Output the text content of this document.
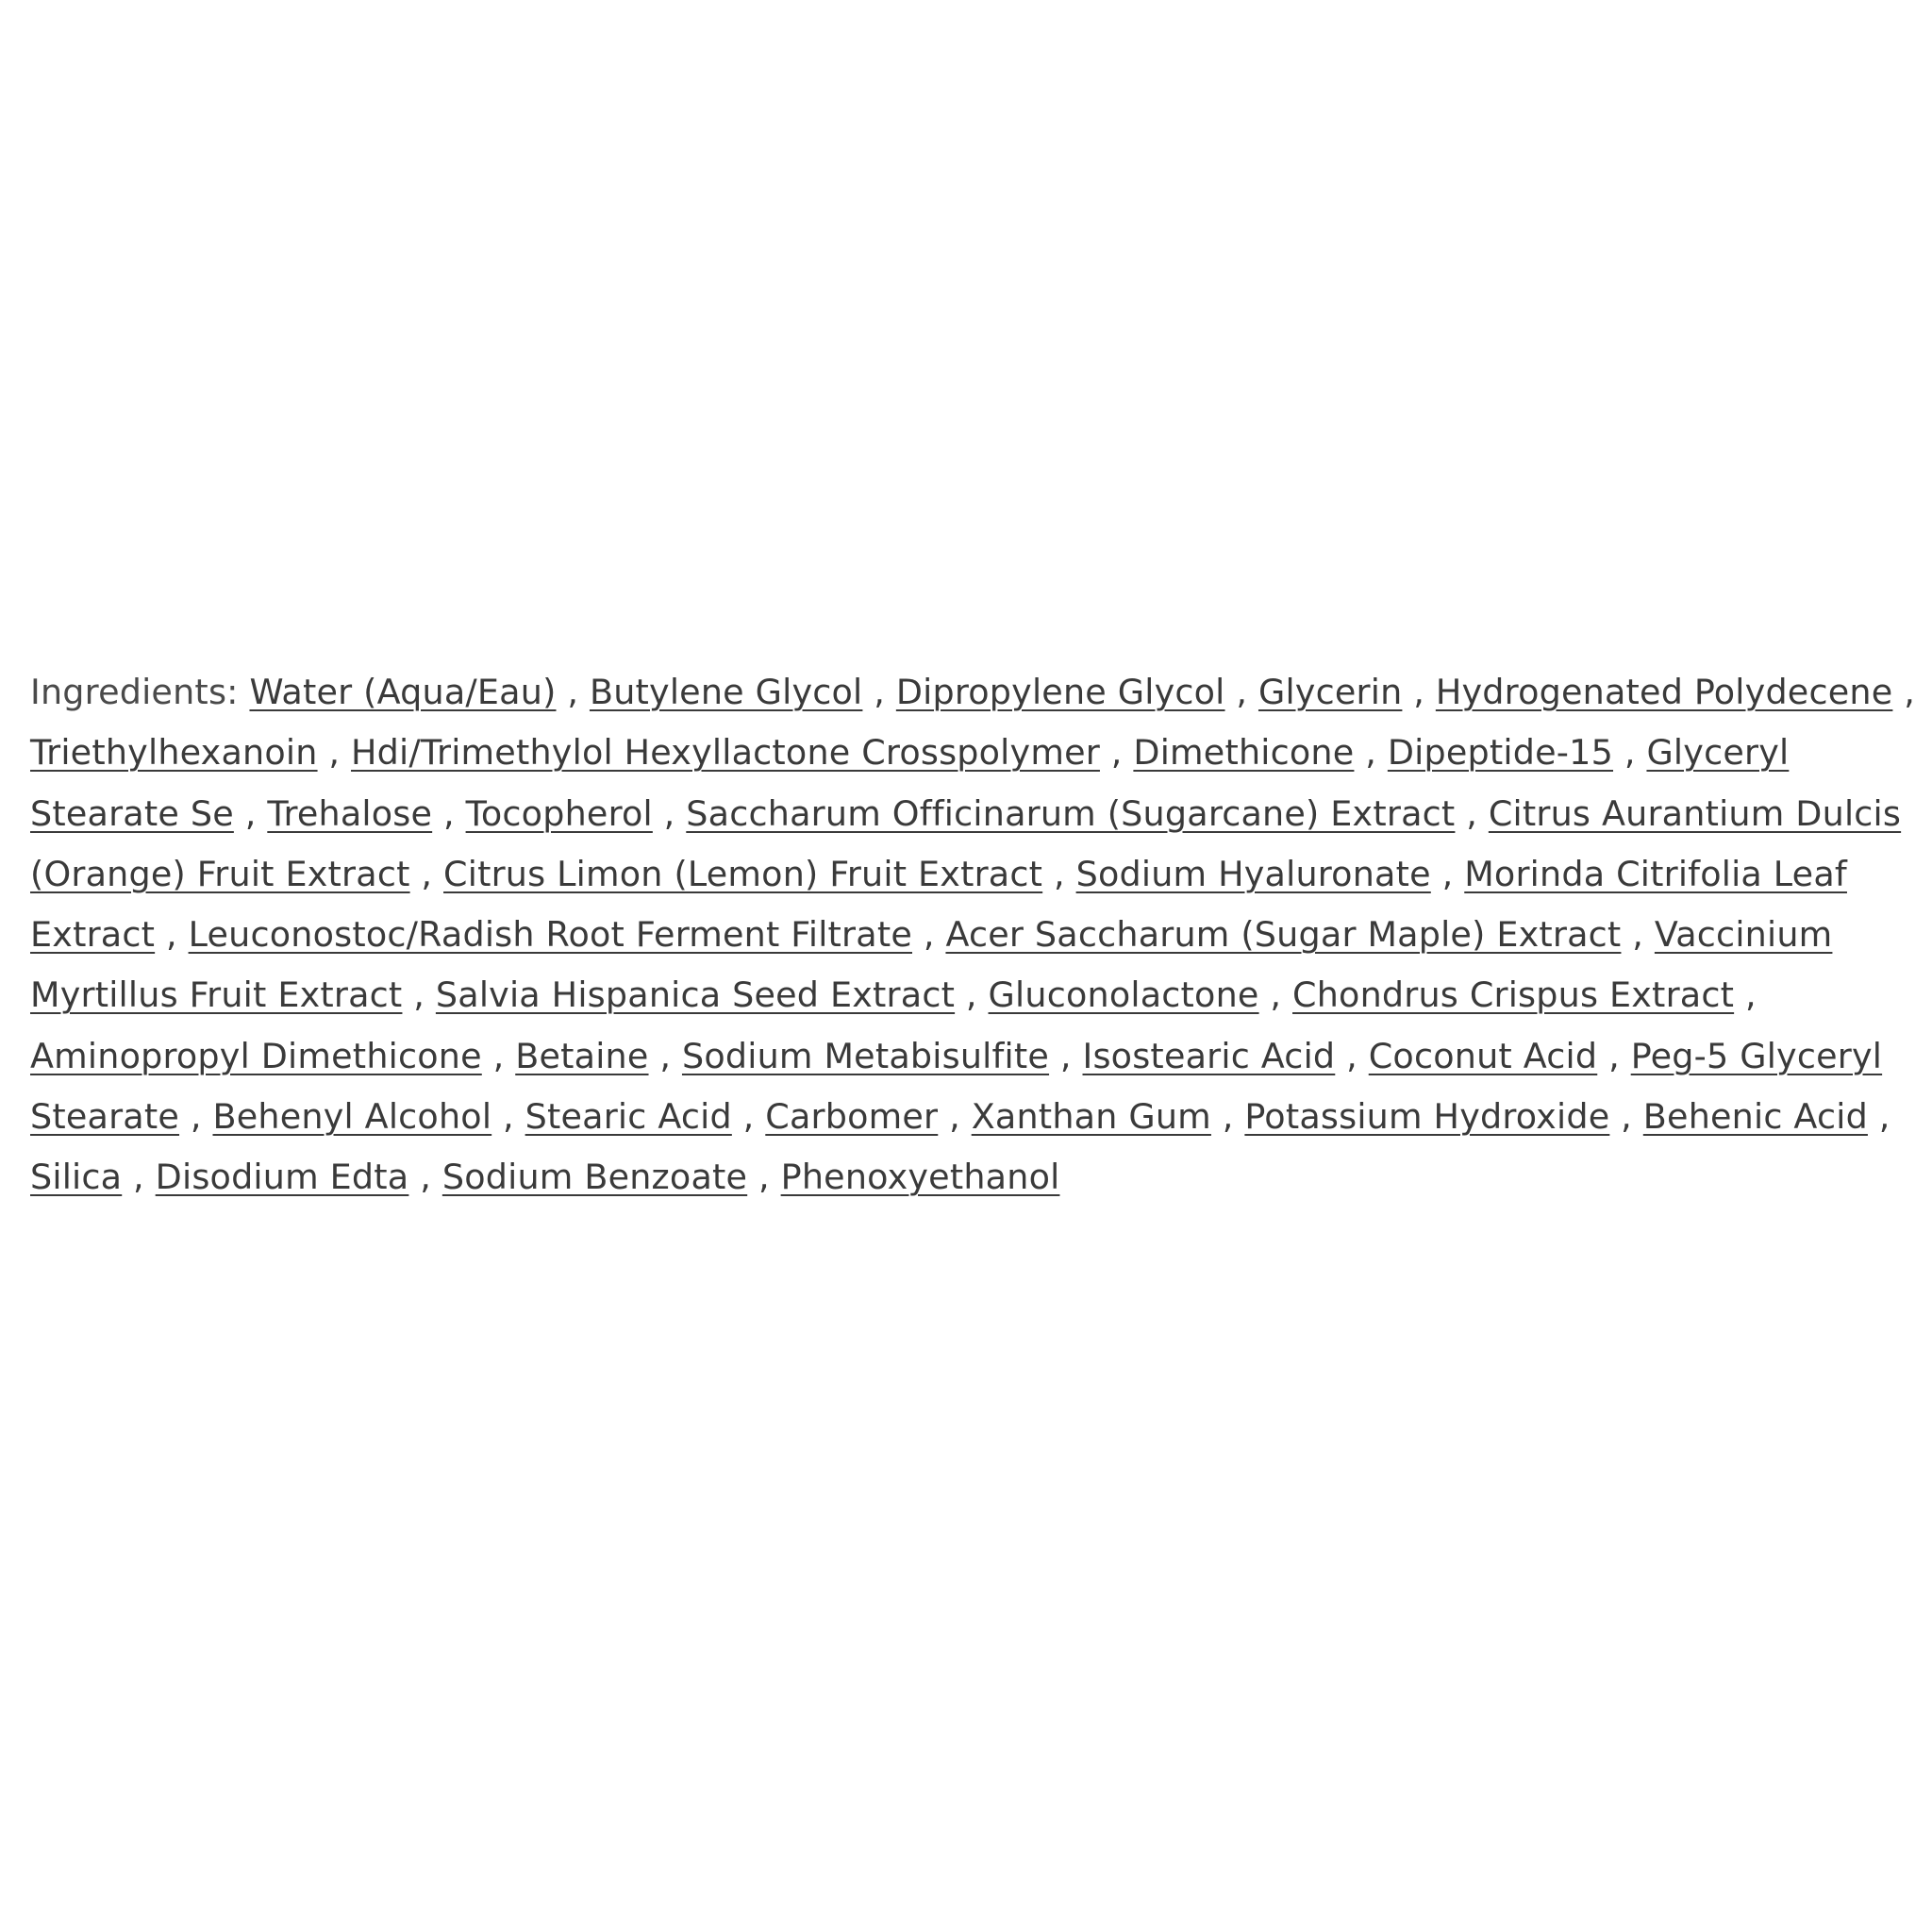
Ingredients: Water (Aqua/Eau) , Butylene Glycol , Dipropylene Glycol , Glycerin , Hydrogenated Polydecene , Triethylhexanoin , Hdi/Trimethylol Hexyllactone Crosspolymer , Dimethicone , Dipeptide-15 , Glyceryl Stearate Se , Trehalose , Tocopherol , Saccharum Officinarum (Sugarcane) Extract , Citrus Aurantium Dulcis (Orange) Fruit Extract , Citrus Limon (Lemon) Fruit Extract , Sodium Hyaluronate , Morinda Citrifolia Leaf Extract , Leuconostoc/Radish Root Ferment Filtrate , Acer Saccharum (Sugar Maple) Extract , Vaccinium Myrtillus Fruit Extract , Salvia Hispanica Seed Extract , Gluconolactone , Chondrus Crispus Extract , Aminopropyl Dimethicone , Betaine , Sodium Metabisulfite , Isostearic Acid , Coconut Acid , Peg-5 Glyceryl Stearate , Behenyl Alcohol , Stearic Acid , Carbomer , Xanthan Gum , Potassium Hydroxide , Behenic Acid , Silica , Disodium Edta , Sodium Benzoate , Phenoxyethanol
